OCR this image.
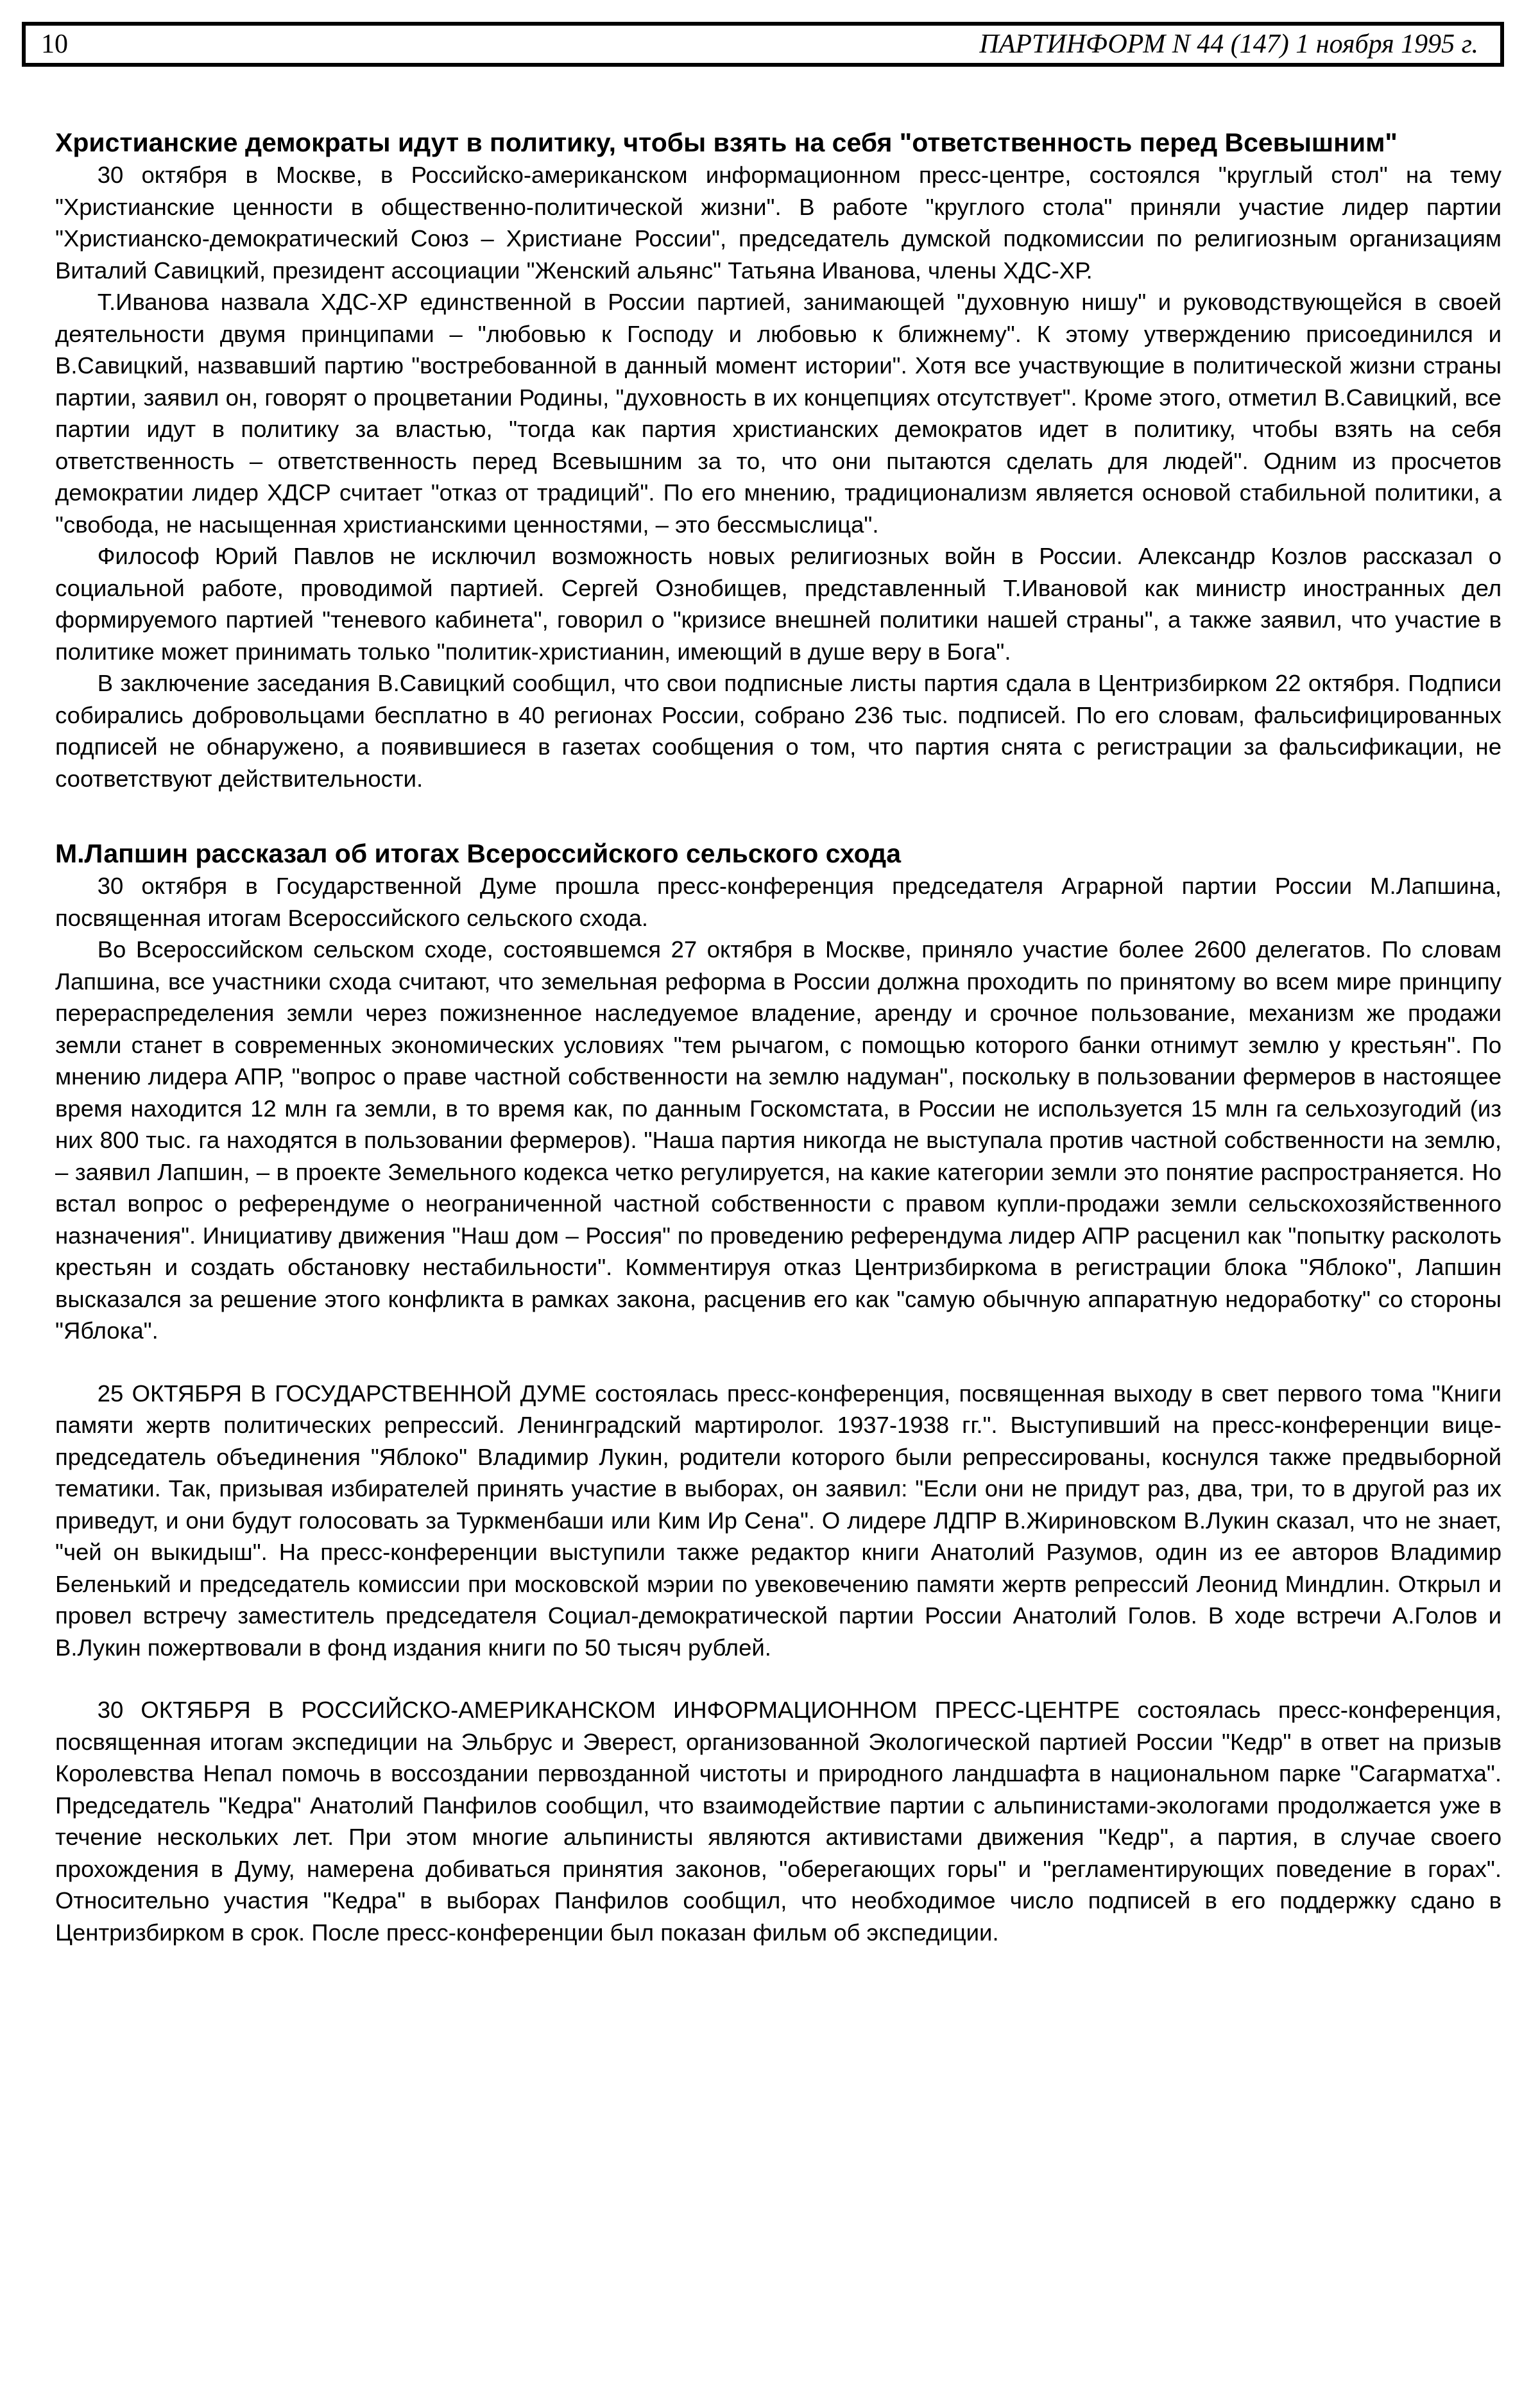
10	ПАРТИНФОРМ N 44 (147) 1 ноября 1995 г.
Христианские демократы идут в политику, чтобы взять на себя "ответственность перед Всевышним"

30 октября в Москве, в Российско-американском информационном пресс-центре, состоялся "круглый стол" на тему "Христианские ценности в общественно-политической жизни". В работе "круглого стола" приняли участие лидер партии "Христианско-демократический Союз – Христиане России", председатель думской подкомиссии по религиозным организациям Виталий Савицкий, президент ассоциации "Женский альянс" Татьяна Иванова, члены ХДС-ХР.

Т.Иванова назвала ХДС-ХР единственной в России партией, занимающей "духовную нишу" и руководствующейся в своей деятельности двумя принципами – "любовью к Господу и любовью к ближнему". К этому утверждению присоединился и В.Савицкий, назвавший партию "востребованной в данный момент истории". Хотя все участвующие в политической жизни страны партии, заявил он, говорят о процветании Родины, "духовность в их концепциях отсутствует". Кроме этого, отметил В.Савицкий, все партии идут в политику за властью, "тогда как партия христианских демократов идет в политику, чтобы взять на себя ответственность – ответственность перед Всевышним за то, что они пытаются сделать для людей". Одним из просчетов демократии лидер ХДСР считает "отказ от традиций". По его мнению, традиционализм является основой стабильной политики, а "свобода, не насыщенная христианскими ценностями, – это бессмыслица".

Философ Юрий Павлов не исключил возможность новых религиозных войн в России. Александр Козлов рассказал о социальной работе, проводимой партией. Сергей Ознобищев, представленный Т.Ивановой как министр иностранных дел формируемого партией "теневого кабинета", говорил о "кризисе внешней политики нашей страны", а также заявил, что участие в политике может принимать только "политик-христианин, имеющий в душе веру в Бога".

В заключение заседания В.Савицкий сообщил, что свои подписные листы партия сдала в Центризбирком 22 октября. Подписи собирались добровольцами бесплатно в 40 регионах России, собрано 236 тыс. подписей. По его словам, фальсифицированных подписей не обнаружено, а появившиеся в газетах сообщения о том, что партия снята с регистрации за фальсификации, не соответствуют действительности.

М.Лапшин рассказал об итогах Всероссийского сельского схода

30 октября в Государственной Думе прошла пресс-конференция председателя Аграрной партии России М.Лапшина, посвященная итогам Всероссийского сельского схода.

Во Всероссийском сельском сходе, состоявшемся 27 октября в Москве, приняло участие более 2600 делегатов. По словам Лапшина, все участники схода считают, что земельная реформа в России должна проходить по принятому во всем мире принципу перераспределения земли через пожизненное наследуемое владение, аренду и срочное пользование, механизм же продажи земли станет в современных экономических условиях "тем рычагом, с помощью которого банки отнимут землю у крестьян". По мнению лидера АПР, "вопрос о праве частной собственности на землю надуман", поскольку в пользовании фермеров в настоящее время находится 12 млн га земли, в то время как, по данным Госкомстата, в России не используется 15 млн га сельхозугодий (из них 800 тыс. га находятся в пользовании фермеров). "Наша партия никогда не выступала против частной собственности на землю, – заявил Лапшин, – в проекте Земельного кодекса четко регулируется, на какие категории земли это понятие распространяется. Но встал вопрос о референдуме о неограниченной частной собственности с правом купли-продажи земли сельскохозяйственного назначения". Инициативу движения "Наш дом – Россия" по проведению референдума лидер АПР расценил как "попытку расколоть крестьян и создать обстановку нестабильности". Комментируя отказ Центризбиркома в регистрации блока "Яблоко", Лапшин высказался за решение этого конфликта в рамках закона, расценив его как "самую обычную аппаратную недоработку" со стороны "Яблока".

25 ОКТЯБРЯ В ГОСУДАРСТВЕННОЙ ДУМЕ состоялась пресс-конференция, посвященная выходу в свет первого тома "Книги памяти жертв политических репрессий. Ленинградский мартиролог. 1937-1938 гг.". Выступивший на пресс-конференции вице-председатель объединения "Яблоко" Владимир Лукин, родители которого были репрессированы, коснулся также предвыборной тематики. Так, призывая избирателей принять участие в выборах, он заявил: "Если они не придут раз, два, три, то в другой раз их приведут, и они будут голосовать за Туркменбаши или Ким Ир Сена". О лидере ЛДПР В.Жириновском В.Лукин сказал, что не знает, "чей он выкидыш". На пресс-конференции выступили также редактор книги Анатолий Разумов, один из ее авторов Владимир Беленький и председатель комиссии при московской мэрии по увековечению памяти жертв репрессий Леонид Миндлин. Открыл и провел встречу заместитель председателя Социал-демократической партии России Анатолий Голов. В ходе встречи А.Голов и В.Лукин пожертвовали в фонд издания книги по 50 тысяч рублей.

30 ОКТЯБРЯ В РОССИЙСКО-АМЕРИКАНСКОМ ИНФОРМАЦИОННОМ ПРЕСС-ЦЕНТРЕ состоялась пресс-конференция, посвященная итогам экспедиции на Эльбрус и Эверест, организованной Экологической партией России "Кедр" в ответ на призыв Королевства Непал помочь в воссоздании первозданной чистоты и природного ландшафта в национальном парке "Сагарматха". Председатель "Кедра" Анатолий Панфилов сообщил, что взаимодействие партии с альпинистами-экологами продолжается уже в течение нескольких лет. При этом многие альпинисты являются активистами движения "Кедр", а партия, в случае своего прохождения в Думу, намерена добиваться принятия законов, "оберегающих горы" и "регламентирующих поведение в горах". Относительно участия "Кедра" в выборах Панфилов сообщил, что необходимое число подписей в его поддержку сдано в Центризбирком в срок. После пресс-конференции был показан фильм об экспедиции.
